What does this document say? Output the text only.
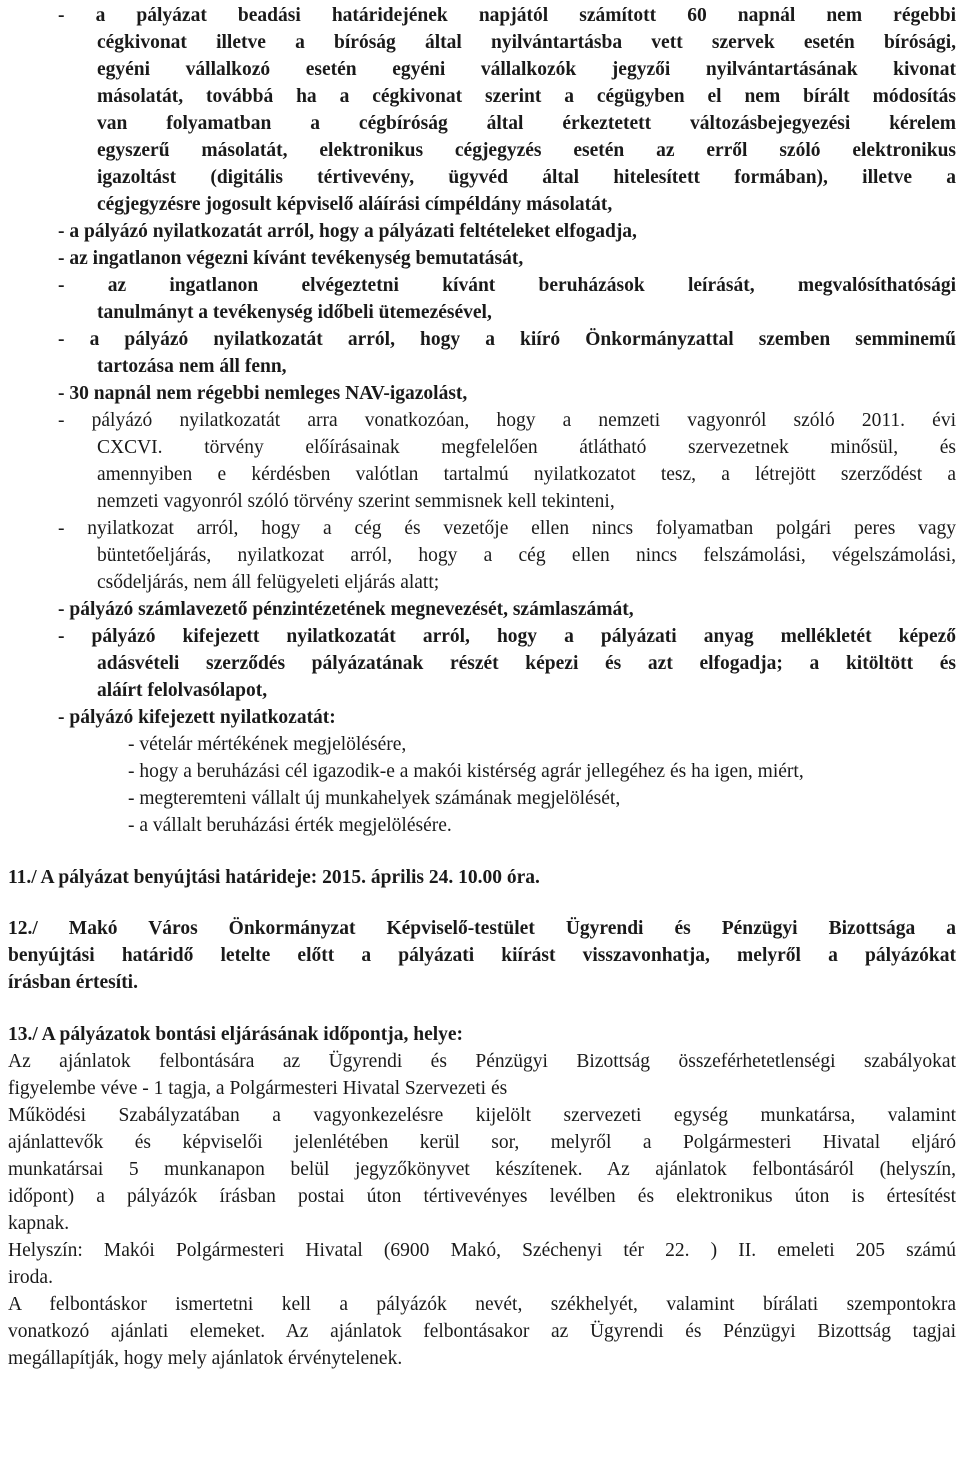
- a pályázat beadási határidejének napjától számított 60 napnál nem régebbi
cégkivonat illetve a bíróság által nyilvántartásba vett szervek esetén bírósági,
egyéni vállalkozó esetén egyéni vállalkozók jegyzői nyilvántartásának kivonat
másolatát, továbbá ha a cégkivonat szerint a cégügyben el nem bírált módosítás
van folyamatban a cégbíróság által érkeztetett változásbejegyezési kérelem
egyszerű másolatát, elektronikus cégjegyzés esetén az erről szóló elektronikus
igazoltást (digitális tértivevény, ügyvéd által hitelesített formában), illetve a
cégjegyzésre jogosult képviselő aláírási címpéldány másolatát,
- a pályázó nyilatkozatát arról, hogy a pályázati feltételeket elfogadja,
- az ingatlanon végezni kívánt tevékenység bemutatását,
- az ingatlanon elvégeztetni kívánt beruházások leírását, megvalósíthatósági
tanulmányt a tevékenység időbeli ütemezésével,
- a pályázó nyilatkozatát arról, hogy a kiíró Önkormányzattal szemben semminemű
tartozása nem áll fenn,
- 30 napnál nem régebbi nemleges NAV-igazolást,
- pályázó nyilatkozatát arra vonatkozóan, hogy a nemzeti vagyonról szóló 2011. évi
CXCVI. törvény előírásainak megfelelően átlátható szervezetnek minősül, és
amennyiben e kérdésben valótlan tartalmú nyilatkozatot tesz, a létrejött szerződést a
nemzeti vagyonról szóló törvény szerint semmisnek kell tekinteni,
- nyilatkozat arról, hogy a cég és vezetője ellen nincs folyamatban polgári peres vagy
büntetőeljárás, nyilatkozat arról, hogy a cég ellen nincs felszámolási, végelszámolási,
csődeljárás, nem áll felügyeleti eljárás alatt;
- pályázó számlavezető pénzintézetének megnevezését, számlaszámát,
- pályázó kifejezett nyilatkozatát arról, hogy a pályázati anyag mellékletét képező
adásvételi szerződés pályázatának részét képezi és azt elfogadja; a kitöltött és
aláírt felolvasólapot,
- pályázó kifejezett nyilatkozatát:
- vételár mértékének megjelölésére,
- hogy a beruházási cél igazodik-e a makói kistérség agrár jellegéhez és ha igen, miért,
- megteremteni vállalt új munkahelyek számának megjelölését,
- a vállalt beruházási érték megjelölésére.
11./ A pályázat benyújtási határideje: 2015. április 24. 10.00 óra.
12./ Makó Város Önkormányzat Képviselő-testület Ügyrendi és Pénzügyi Bizottsága a
benyújtási határidő letelte előtt a pályázati kiírást visszavonhatja, melyről a pályázókat
írásban értesíti.
13./ A pályázatok bontási eljárásának időpontja, helye:
Az ajánlatok felbontására az Ügyrendi és Pénzügyi Bizottság összeférhetetlenségi szabályokat
figyelembe véve - 1 tagja, a Polgármesteri Hivatal Szervezeti és
Működési Szabályzatában a vagyonkezelésre kijelölt szervezeti egység munkatársa, valamint
ajánlattevők és képviselői jelenlétében kerül sor, melyről a Polgármesteri Hivatal eljáró
munkatársai 5 munkanapon belül jegyzőkönyvet készítenek. Az ajánlatok felbontásáról (helyszín,
időpont) a pályázók írásban postai úton tértivevényes levélben és elektronikus úton is értesítést
kapnak.
Helyszín: Makói Polgármesteri Hivatal (6900 Makó, Széchenyi tér 22. ) II. emeleti 205 számú
iroda.
A felbontáskor ismertetni kell a pályázók nevét, székhelyét, valamint bírálati szempontokra
vonatkozó ajánlati elemeket. Az ajánlatok felbontásakor az Ügyrendi és Pénzügyi Bizottság tagjai
megállapítják, hogy mely ajánlatok érvénytelenek.
